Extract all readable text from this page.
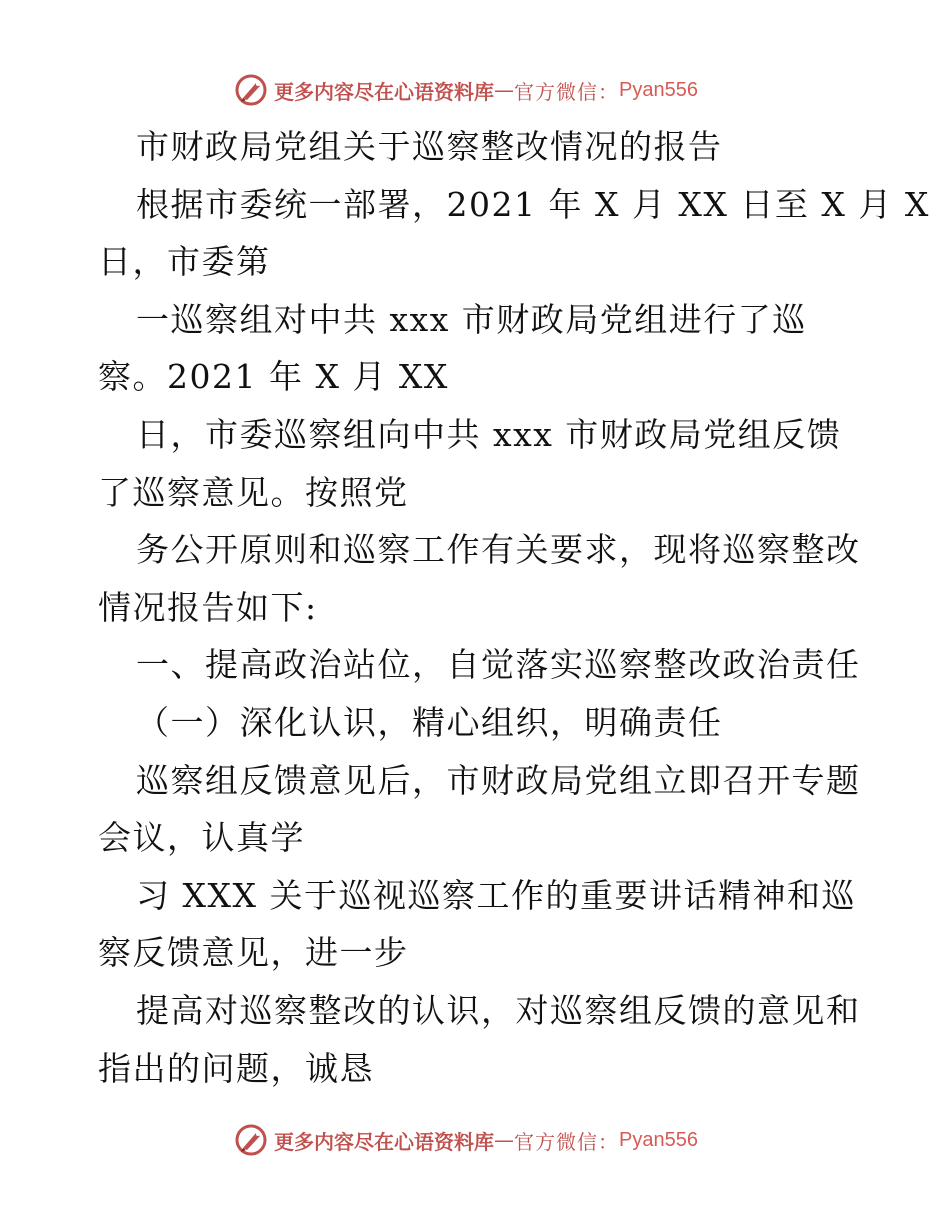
更多内容尽在心语资料库 — 官方微信： Pyan556
市财政局党组关于巡察整改情况的报告
根据市委统一部署，2021 年 X 月 XX 日至 X 月 X
日，市委第
一巡察组对中共 xxx 市财政局党组进行了巡
察。2021 年 X 月 XX
日，市委巡察组向中共 xxx 市财政局党组反馈
了巡察意见。按照党
务公开原则和巡察工作有关要求，现将巡察整改
情况报告如下:
一、提高政治站位，自觉落实巡察整改政治责任
（一）深化认识，精心组织，明确责任
巡察组反馈意见后，市财政局党组立即召开专题
会议，认真学
习 XXX 关于巡视巡察工作的重要讲话精神和巡
察反馈意见，进一步
提高对巡察整改的认识，对巡察组反馈的意见和
指出的问题，诚恳
更多内容尽在心语资料库 — 官方微信： Pyan556
